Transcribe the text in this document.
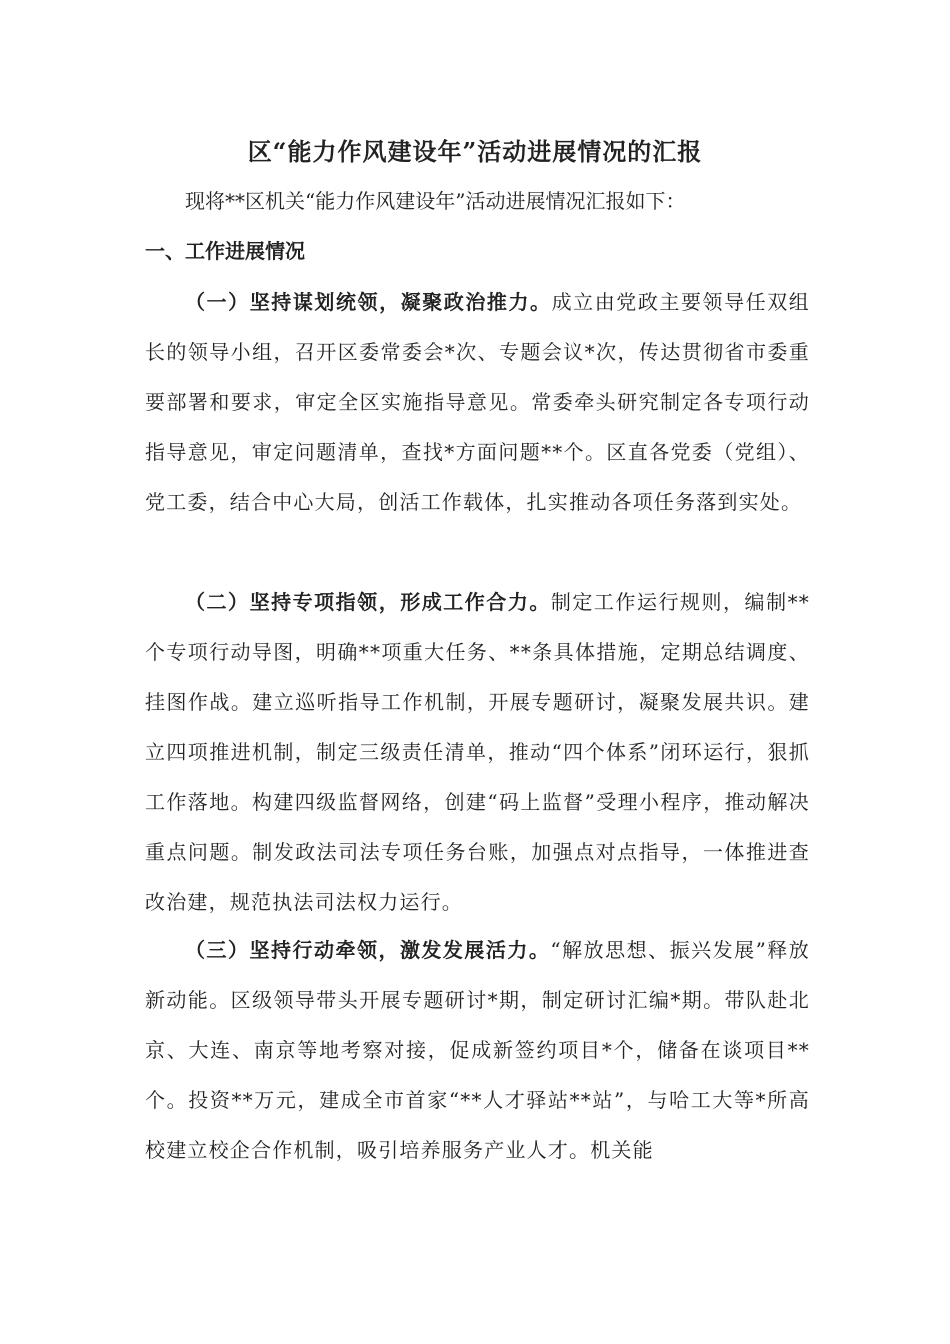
区“能力作风建设年”活动进展情况的汇报
现将**区机关“能力作风建设年”活动进展情况汇报如下：
一、工作进展情况
（一）坚持谋划统领，凝聚政治推力。成立由党政主要领导任双组长的领导小组，召开区委常委会*次、专题会议*次，传达贯彻省市委重要部署和要求，审定全区实施指导意见。常委牵头研究制定各专项行动指导意见，审定问题清单，查找*方面问题**个。区直各党委（党组）、党工委，结合中心大局，创活工作载体，扎实推动各项任务落到实处。
（二）坚持专项指领，形成工作合力。制定工作运行规则，编制**个专项行动导图，明确**项重大任务、**条具体措施，定期总结调度、挂图作战。建立巡听指导工作机制，开展专题研讨，凝聚发展共识。建立四项推进机制，制定三级责任清单，推动“四个体系”闭环运行，狠抓工作落地。构建四级监督网络，创建“码上监督”受理小程序，推动解决重点问题。制发政法司法专项任务台账，加强点对点指导，一体推进查改治建，规范执法司法权力运行。
（三）坚持行动牵领，激发发展活力。“解放思想、振兴发展”释放新动能。区级领导带头开展专题研讨*期，制定研讨汇编*期。带队赴北京、大连、南京等地考察对接，促成新签约项目*个，储备在谈项目**个。投资**万元，建成全市首家“**人才驿站**站”，与哈工大等*所高校建立校企合作机制，吸引培养服务产业人才。机关能
